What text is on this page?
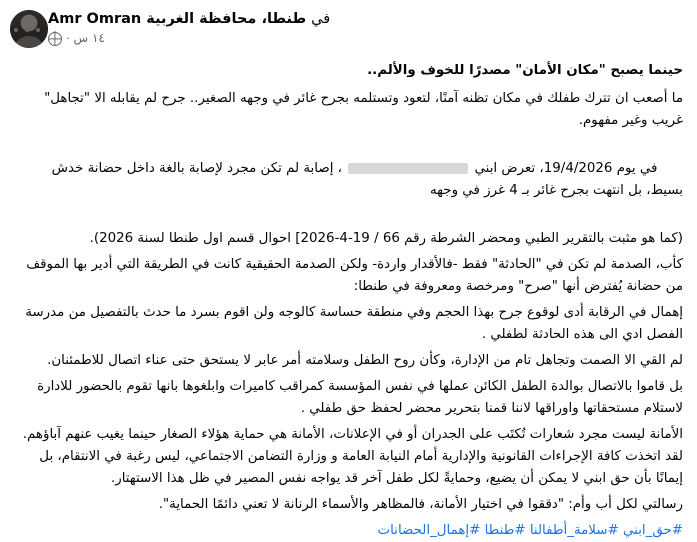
Amr Omran	في طنطا، محافظة الغربية
١٤ س
·

حينما يصبح "مكان الأمان" مصدرًا للخوف والألم..

ما أصعب ان تترك طفلك في مكان تظنه آمنًا، لتعود وتستلمه بجرح غائر في وجهه الصغير.. جرح لم يقابله الا "تجاهل" غريب وغير مفهوم.

في يوم 19/4/2026، تعرض ابني  ، إصابة لم تكن مجرد لإصابة بالغة داخل حضانة خدش بسيط، بل انتهت بجرح غائر بـ 4 غرز في وجهه

(كما هو مثبت بالتقرير الطبي ومحضر الشرطة رقم 66 / 19-4-2026] احوال قسم اول طنطا لسنة 2026).

كأب، الصدمة لم تكن في "الحادثة" فقط -فالأقدار واردة- ولكن الصدمة الحقيقية كانت في الطريقة التي أدير بها الموقف من حضانة يُفترض أنها "صرح" ومرخصة ومعروفة في طنطا:

إهمال في الرقابة أدى لوقوع جرح بهذا الحجم وفي منطقة حساسة كالوجه ولن اقوم بسرد ما حدث بالتفصيل من مدرسة الفصل ادي الى هذه الحادثة لطفلي .

لم القي الا الصمت وتجاهل تام من الإدارة، وكأن روح الطفل وسلامته أمر عابر لا يستحق حتى عناء اتصال للاطمئنان.

بل قاموا بالاتصال بوالدة الطفل الكائن عملها في نفس المؤسسة كمراقب كاميرات وابلغوها بانها تقوم بالحضور للادارة لاستلام مستحقاتها واوراقها لاننا قمنا بتحرير محضر لحفظ حق طفلي .

الأمانة ليست مجرد شعارات تُكتَب على الجدران أو في الإعلانات، الأمانة هي حماية هؤلاء الصغار حينما يغيب عنهم آباؤهم. لقد اتخذت كافة الإجراءات القانونية والإدارية أمام النيابة العامة و وزارة التضامن الاجتماعي، ليس رغبة في الانتقام، بل إيمانًا بأن حق ابني لا يمكن أن يضيع، وحمايةً لكل طفل آخر قد يواجه نفس المصير في ظل هذا الاستهتار.

رسالتي لكل أب وأم: "دققوا في اختيار الأمانة، فالمظاهر والأسماء الرنانة لا تعني دائمًا الحماية".

#حق_ابني #سلامة_أطفالنا #طنطا #إهمال_الحضانات
